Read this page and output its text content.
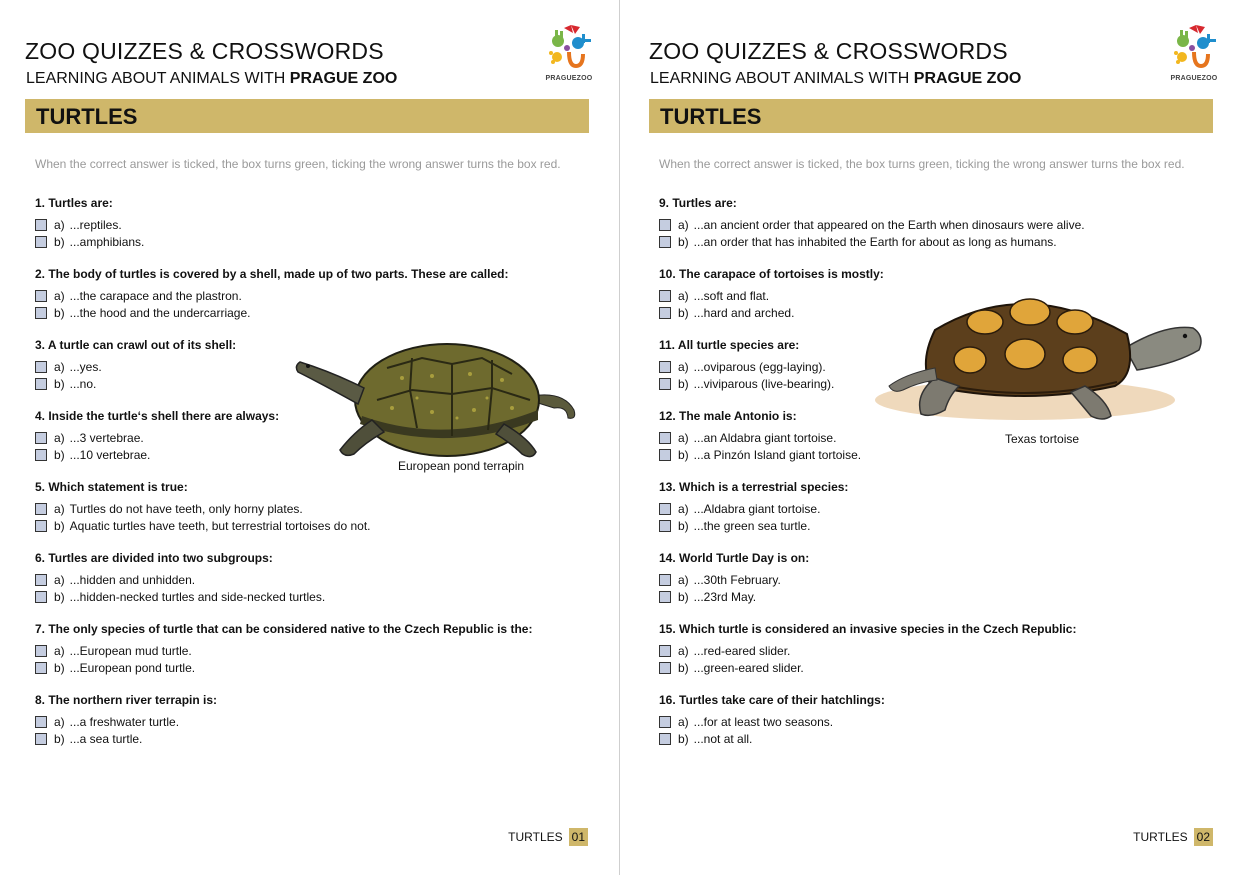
ZOO QUIZZES & CROSSWORDS
LEARNING ABOUT ANIMALS WITH PRAGUE ZOO	PRAGUEZOO
TURTLES
When the correct answer is ticked, the box turns green, ticking the wrong answer turns the box red.
1. Turtles are:
a) ...reptiles.
b) ...amphibians.
2. The body of turtles is covered by a shell, made up of two parts. These are called:
a) ...the carapace and the plastron.
b) ...the hood and the undercarriage.
3. A turtle can crawl out of its shell:
a) ...yes.
b) ...no.
4. Inside the turtle‘s shell there are always:
a) ...3 vertebrae.
b) ...10 vertebrae.
5. Which statement is true:
a) Turtles do not have teeth, only horny plates.
b) Aquatic turtles have teeth, but terrestrial tortoises do not.
6. Turtles are divided into two subgroups:
a) ...hidden and unhidden.
b) ...hidden-necked turtles and side-necked turtles.
7. The only species of turtle that can be considered native to the Czech Republic is the:
a) ...European mud turtle.
b) ...European pond turtle.
8. The northern river terrapin is:
a) ...a freshwater turtle.
b) ...a sea turtle.
European pond terrapin
TURTLES 01
ZOO QUIZZES & CROSSWORDS
LEARNING ABOUT ANIMALS WITH PRAGUE ZOO	PRAGUEZOO
TURTLES
When the correct answer is ticked, the box turns green, ticking the wrong answer turns the box red.
9. Turtles are:
a) ...an ancient order that appeared on the Earth when dinosaurs were alive.
b) ...an order that has inhabited the Earth for about as long as humans.
10. The carapace of tortoises is mostly:
a) ...soft and flat.
b) ...hard and arched.
11. All turtle species are:
a) ...oviparous (egg-laying).
b) ...viviparous (live-bearing).
12. The male Antonio is:
a) ...an Aldabra giant tortoise.
b) ...a Pinzón Island giant tortoise.
13. Which is a terrestrial species:
a) ...Aldabra giant tortoise.
b) ...the green sea turtle.
14. World Turtle Day is on:
a) ...30th February.
b) ...23rd May.
15. Which turtle is considered an invasive species in the Czech Republic:
a) ...red-eared slider.
b) ...green-eared slider.
16. Turtles take care of their hatchlings:
a) ...for at least two seasons.
b) ...not at all.
Texas tortoise
TURTLES 02
